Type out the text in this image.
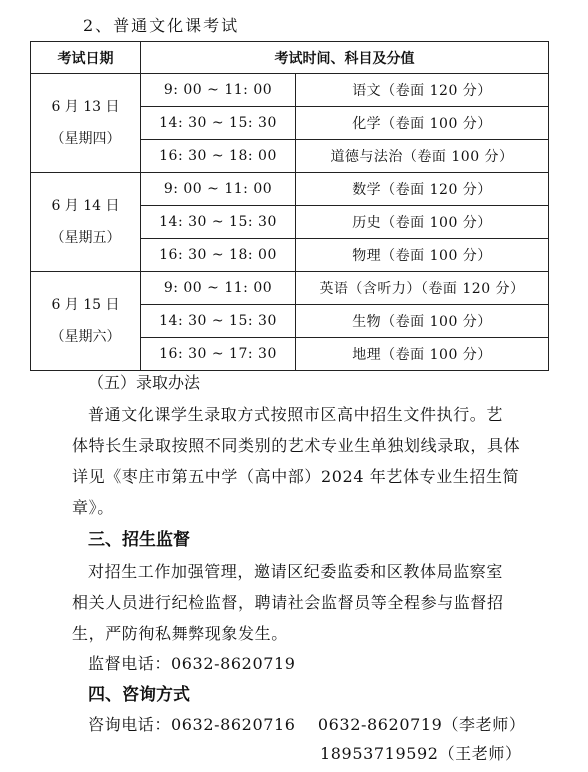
2、普通文化课考试
考试日期	考试时间、科目及分值	

6 月 13 日
（星期四）	9: 00 ~ 11: 00	语文（卷面 120 分）
	14: 30 ~ 15: 30	化学（卷面 100 分）
	16: 30 ~ 18: 00	道德与法治（卷面 100 分）

6 月 14 日
（星期五）	9: 00 ~ 11: 00	数学（卷面 120 分）
	14: 30 ~ 15: 30	历史（卷面 100 分）
	16: 30 ~ 18: 00	物理（卷面 100 分）

6 月 15 日
（星期六）	9: 00 ~ 11: 00	英语（含听力）（卷面 120 分）
	14: 30 ~ 15: 30	生物（卷面 100 分）
	16: 30 ~ 17: 30	地理（卷面 100 分）
（五）录取办法
普通文化课学生录取方式按照市区高中招生文件执行。艺
体特长生录取按照不同类别的艺术专业生单独划线录取，具体
详见《枣庄市第五中学（高中部）2024 年艺体专业生招生简
章》。
三、招生监督
对招生工作加强管理，邀请区纪委监委和区教体局监察室
相关人员进行纪检监督，聘请社会监督员等全程参与监督招
生，严防徇私舞弊现象发生。
监督电话：0632-8620719
四、咨询方式
咨询电话：0632-8620716　 0632-8620719（李老师）
18953719592（王老师）
